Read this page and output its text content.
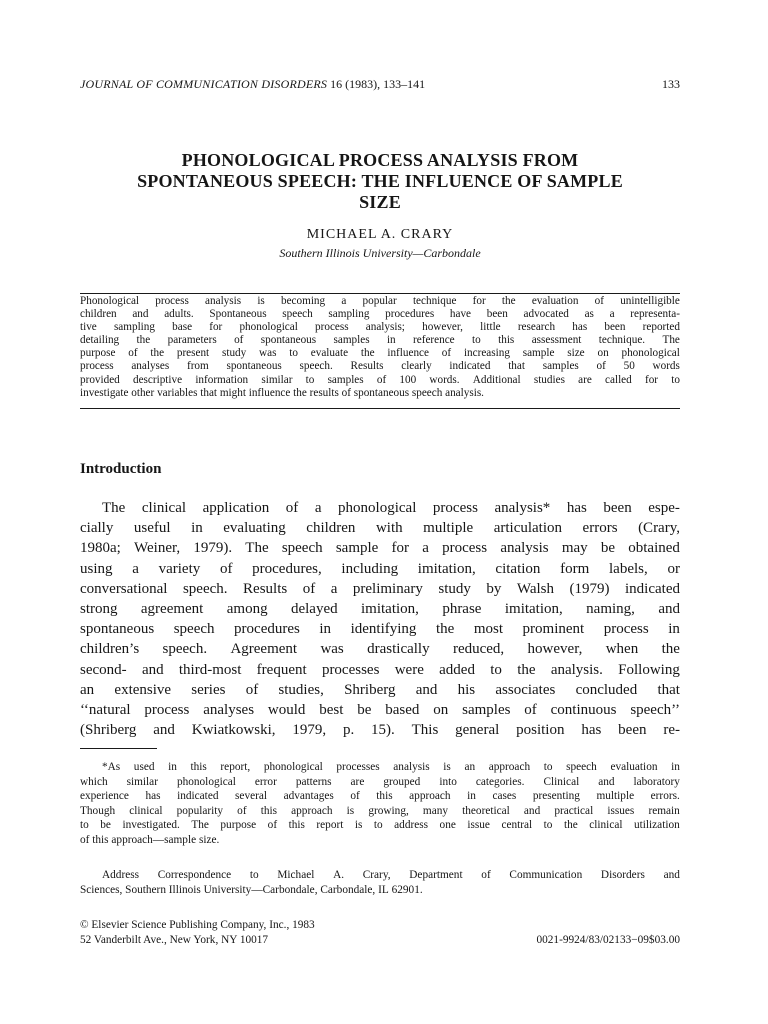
JOURNAL OF COMMUNICATION DISORDERS 16 (1983), 133–141	133
PHONOLOGICAL PROCESS ANALYSIS FROM
SPONTANEOUS SPEECH: THE INFLUENCE OF SAMPLE
SIZE
MICHAEL A. CRARY
Southern Illinois University—Carbondale
Phonological process analysis is becoming a popular technique for the evaluation of unintelligible
children and adults. Spontaneous speech sampling procedures have been advocated as a representa-
tive sampling base for phonological process analysis; however, little research has been reported
detailing the parameters of spontaneous samples in reference to this assessment technique. The
purpose of the present study was to evaluate the influence of increasing sample size on phonological
process analyses from spontaneous speech. Results clearly indicated that samples of 50 words
provided descriptive information similar to samples of 100 words. Additional studies are called for to
investigate other variables that might influence the results of spontaneous speech analysis.
Introduction
The clinical application of a phonological process analysis* has been espe-
cially useful in evaluating children with multiple articulation errors (Crary,
1980a; Weiner, 1979). The speech sample for a process analysis may be obtained
using a variety of procedures, including imitation, citation form labels, or
conversational speech. Results of a preliminary study by Walsh (1979) indicated
strong agreement among delayed imitation, phrase imitation, naming, and
spontaneous speech procedures in identifying the most prominent process in
children’s speech. Agreement was drastically reduced, however, when the
second- and third-most frequent processes were added to the analysis. Following
an extensive series of studies, Shriberg and his associates concluded that
‘‘natural process analyses would best be based on samples of continuous speech’’
(Shriberg and Kwiatkowski, 1979, p. 15). This general position has been re-
*As used in this report, phonological processes analysis is an approach to speech evaluation in
which similar phonological error patterns are grouped into categories. Clinical and laboratory
experience has indicated several advantages of this approach in cases presenting multiple errors.
Though clinical popularity of this approach is growing, many theoretical and practical issues remain
to be investigated. The purpose of this report is to address one issue central to the clinical utilization
of this approach—sample size.
Address Correspondence to Michael A. Crary, Department of Communication Disorders and
Sciences, Southern Illinois University—Carbondale, Carbondale, IL 62901.
© Elsevier Science Publishing Company, Inc., 1983
52 Vanderbilt Ave., New York, NY 10017	0021-9924/83/02133−09$03.00
